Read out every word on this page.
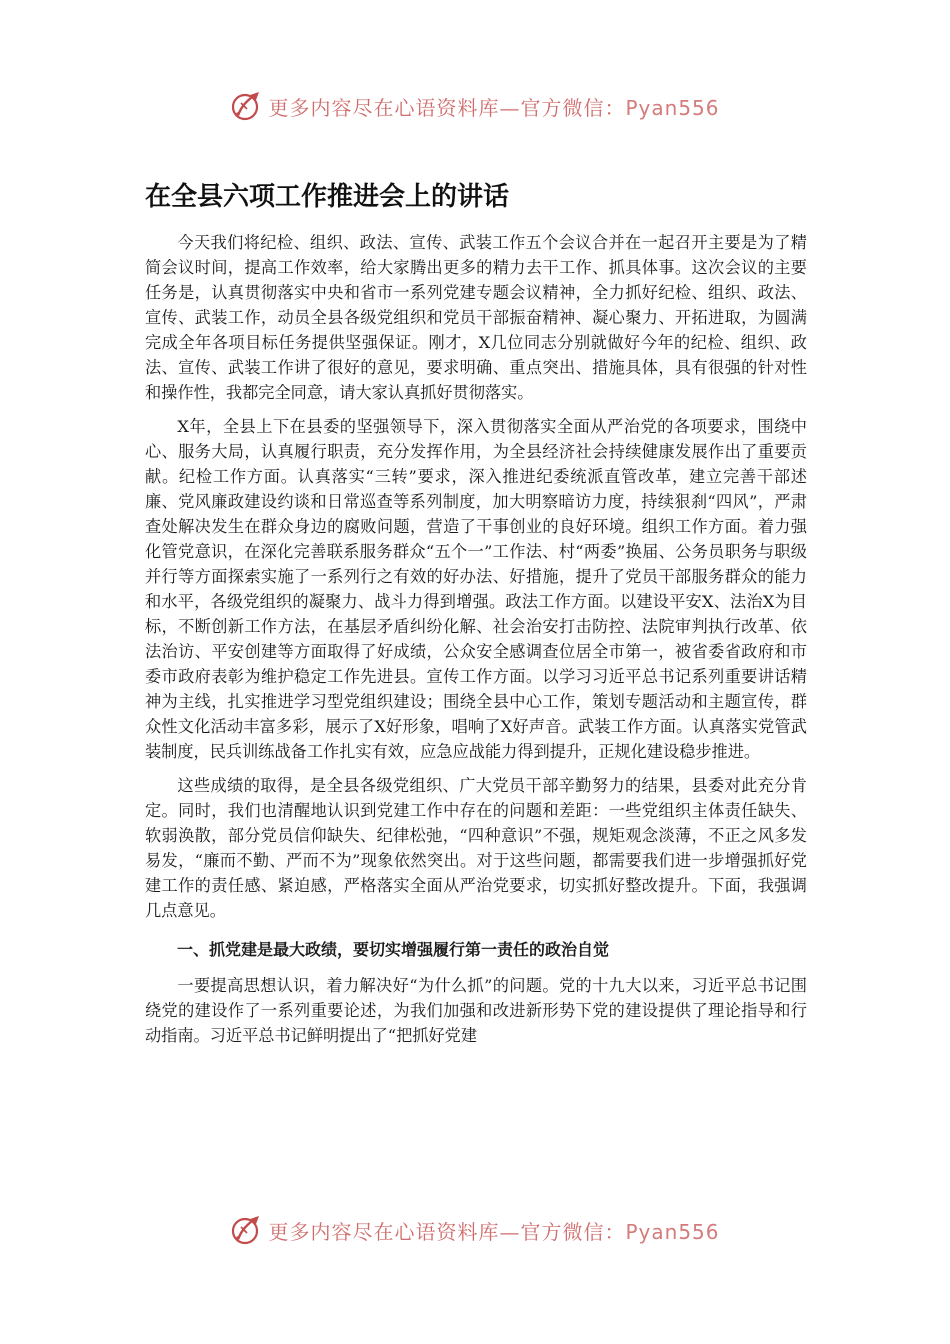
更多内容尽在心语资料库—官方微信：Pyan556
在全县六项工作推进会上的讲话

今天我们将纪检、组织、政法、宣传、武装工作五个会议合并在一起召开主要是为了精简会议时间，提高工作效率，给大家腾出更多的精力去干工作、抓具体事。这次会议的主要任务是，认真贯彻落实中央和省市一系列党建专题会议精神，全力抓好纪检、组织、政法、宣传、武装工作，动员全县各级党组织和党员干部振奋精神、凝心聚力、开拓进取，为圆满完成全年各项目标任务提供坚强保证。刚才，X几位同志分别就做好今年的纪检、组织、政法、宣传、武装工作讲了很好的意见，要求明确、重点突出、措施具体，具有很强的针对性和操作性，我都完全同意，请大家认真抓好贯彻落实。

X年，全县上下在县委的坚强领导下，深入贯彻落实全面从严治党的各项要求，围绕中心、服务大局，认真履行职责，充分发挥作用，为全县经济社会持续健康发展作出了重要贡献。纪检工作方面。认真落实“三转”要求，深入推进纪委统派直管改革，建立完善干部述廉、党风廉政建设约谈和日常巡查等系列制度，加大明察暗访力度，持续狠刹“四风”，严肃查处解决发生在群众身边的腐败问题，营造了干事创业的良好环境。组织工作方面。着力强化管党意识，在深化完善联系服务群众“五个一”工作法、村“两委”换届、公务员职务与职级并行等方面探索实施了一系列行之有效的好办法、好措施，提升了党员干部服务群众的能力和水平，各级党组织的凝聚力、战斗力得到增强。政法工作方面。以建设平安X、法治X为目标，不断创新工作方法，在基层矛盾纠纷化解、社会治安打击防控、法院审判执行改革、依法治访、平安创建等方面取得了好成绩，公众安全感调查位居全市第一，被省委省政府和市委市政府表彰为维护稳定工作先进县。宣传工作方面。以学习习近平总书记系列重要讲话精神为主线，扎实推进学习型党组织建设；围绕全县中心工作，策划专题活动和主题宣传，群众性文化活动丰富多彩，展示了X好形象，唱响了X好声音。武装工作方面。认真落实党管武装制度，民兵训练战备工作扎实有效，应急应战能力得到提升，正规化建设稳步推进。

这些成绩的取得，是全县各级党组织、广大党员干部辛勤努力的结果，县委对此充分肯定。同时，我们也清醒地认识到党建工作中存在的问题和差距：一些党组织主体责任缺失、软弱涣散，部分党员信仰缺失、纪律松弛，“四种意识”不强，规矩观念淡薄，不正之风多发易发，“廉而不勤、严而不为”现象依然突出。对于这些问题，都需要我们进一步增强抓好党建工作的责任感、紧迫感，严格落实全面从严治党要求，切实抓好整改提升。下面，我强调几点意见。

一、抓党建是最大政绩，要切实增强履行第一责任的政治自觉

一要提高思想认识，着力解决好“为什么抓”的问题。党的十九大以来，习近平总书记围绕党的建设作了一系列重要论述，为我们加强和改进新形势下党的建设提供了理论指导和行动指南。习近平总书记鲜明提出了“把抓好党建

更多内容尽在心语资料库—官方微信：Pyan556
